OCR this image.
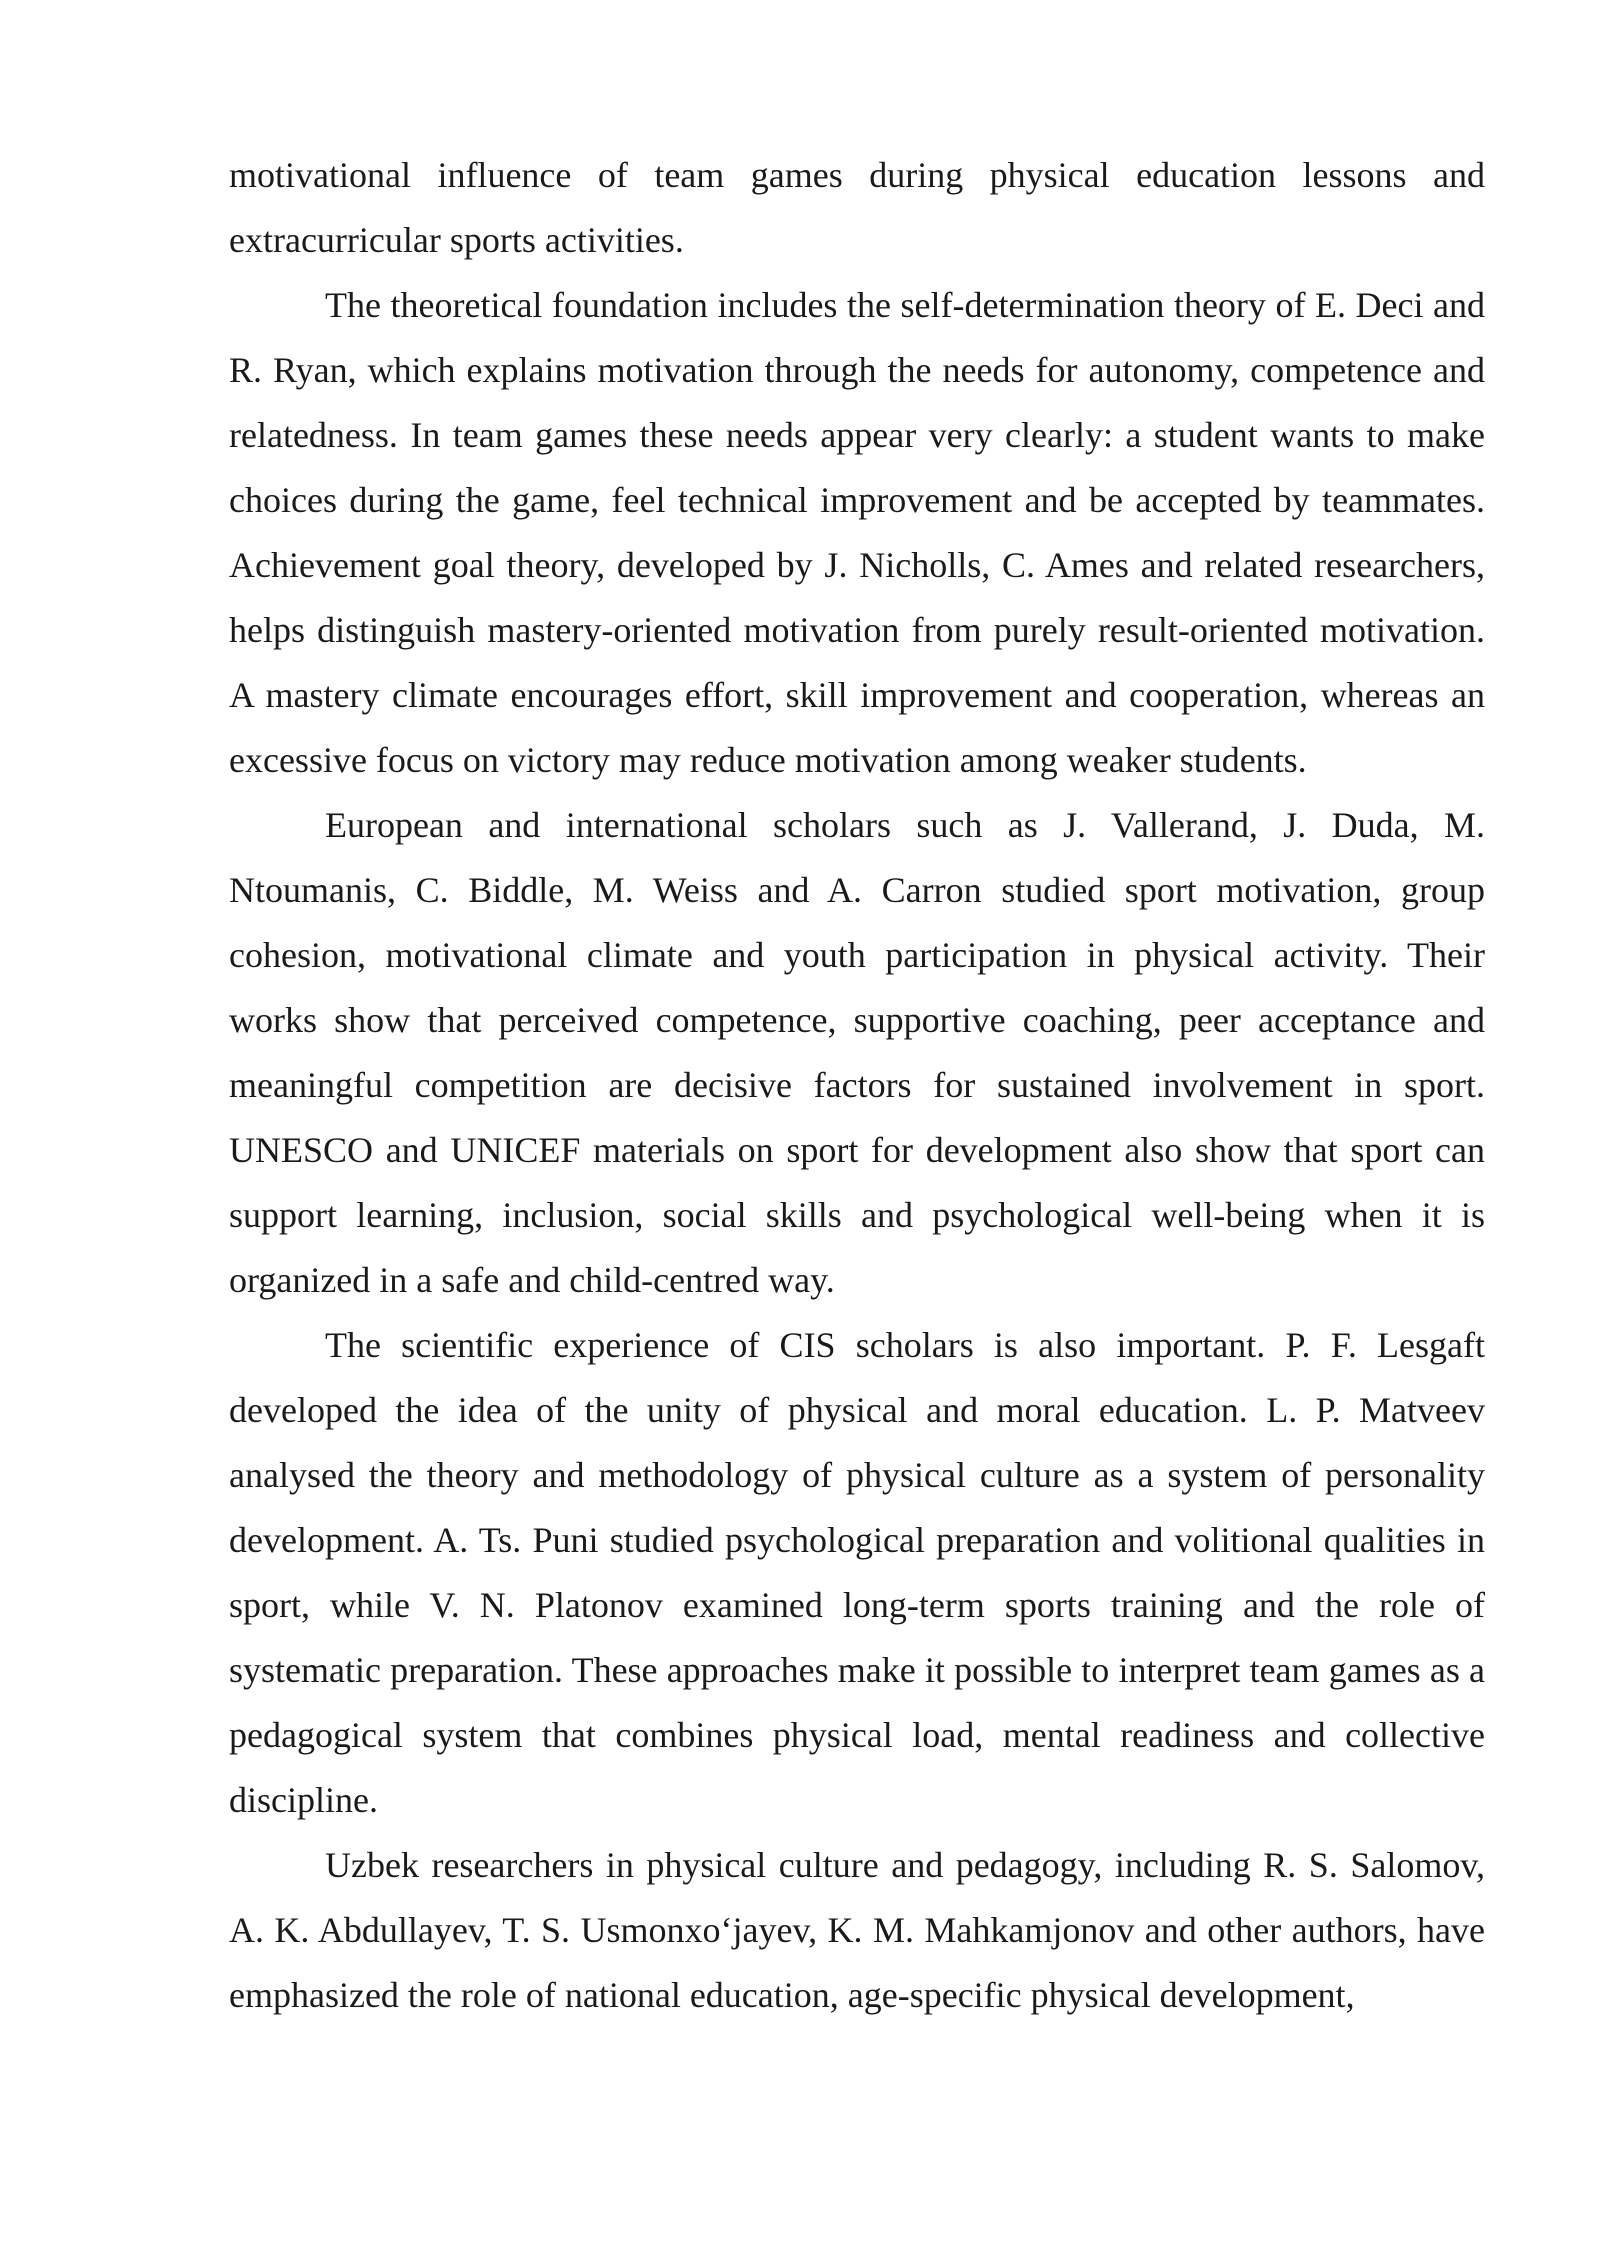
motivational influence of team games during physical education lessons and extracurricular sports activities.

The theoretical foundation includes the self-determination theory of E. Deci and R. Ryan, which explains motivation through the needs for autonomy, competence and relatedness. In team games these needs appear very clearly: a student wants to make choices during the game, feel technical improvement and be accepted by teammates. Achievement goal theory, developed by J. Nicholls, C. Ames and related researchers, helps distinguish mastery-oriented motivation from purely result-oriented motivation. A mastery climate encourages effort, skill improvement and cooperation, whereas an excessive focus on victory may reduce motivation among weaker students.

European and international scholars such as J. Vallerand, J. Duda, M. Ntoumanis, C. Biddle, M. Weiss and A. Carron studied sport motivation, group cohesion, motivational climate and youth participation in physical activity. Their works show that perceived competence, supportive coaching, peer acceptance and meaningful competition are decisive factors for sustained involvement in sport. UNESCO and UNICEF materials on sport for development also show that sport can support learning, inclusion, social skills and psychological well-being when it is organized in a safe and child-centred way.

The scientific experience of CIS scholars is also important. P. F. Lesgaft developed the idea of the unity of physical and moral education. L. P. Matveev analysed the theory and methodology of physical culture as a system of personality development. A. Ts. Puni studied psychological preparation and volitional qualities in sport, while V. N. Platonov examined long-term sports training and the role of systematic preparation. These approaches make it possible to interpret team games as a pedagogical system that combines physical load, mental readiness and collective discipline.

Uzbek researchers in physical culture and pedagogy, including R. S. Salomov, A. K. Abdullayev, T. S. Usmonxo‘jayev, K. M. Mahkamjonov and other authors, have emphasized the role of national education, age-specific physical development,
